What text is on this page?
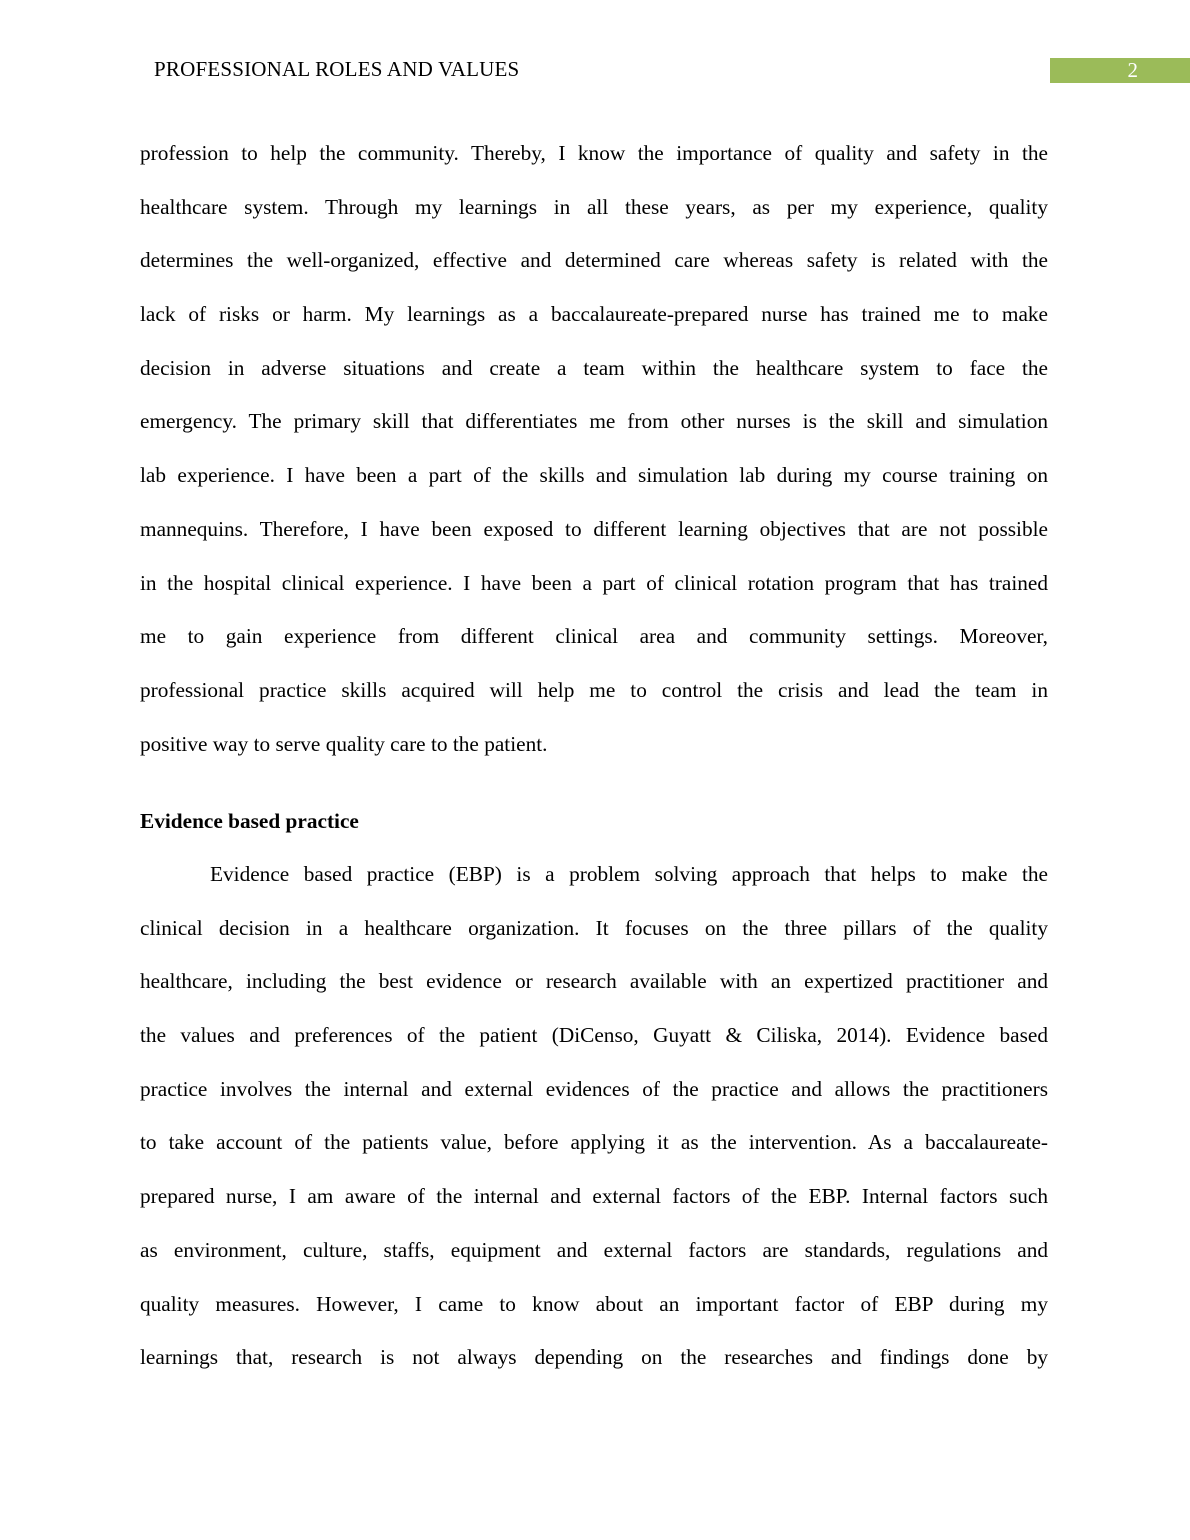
PROFESSIONAL ROLES AND VALUES	2
profession to help the community. Thereby, I know the importance of quality and safety in the
healthcare system. Through my learnings in all these years, as per my experience, quality
determines the well-organized, effective and determined care whereas safety is related with the
lack of risks or harm. My learnings as a baccalaureate-prepared nurse has trained me to make
decision in adverse situations and create a team within the healthcare system to face the
emergency. The primary skill that differentiates me from other nurses is the skill and simulation
lab experience. I have been a part of the skills and simulation lab during my course training on
mannequins. Therefore, I have been exposed to different learning objectives that are not possible
in the hospital clinical experience. I have been a part of clinical rotation program that has trained
me to gain experience from different clinical area and community settings. Moreover,
professional practice skills acquired will help me to control the crisis and lead the team in
positive way to serve quality care to the patient.
Evidence based practice
Evidence based practice (EBP) is a problem solving approach that helps to make the
clinical decision in a healthcare organization. It focuses on the three pillars of the quality
healthcare, including the best evidence or research available with an expertized practitioner and
the values and preferences of the patient (DiCenso, Guyatt & Ciliska, 2014). Evidence based
practice involves the internal and external evidences of the practice and allows the practitioners
to take account of the patients value, before applying it as the intervention. As a baccalaureate-
prepared nurse, I am aware of the internal and external factors of the EBP. Internal factors such
as environment, culture, staffs, equipment and external factors are standards, regulations and
quality measures. However, I came to know about an important factor of EBP during my
learnings that, research is not always depending on the researches and findings done by
